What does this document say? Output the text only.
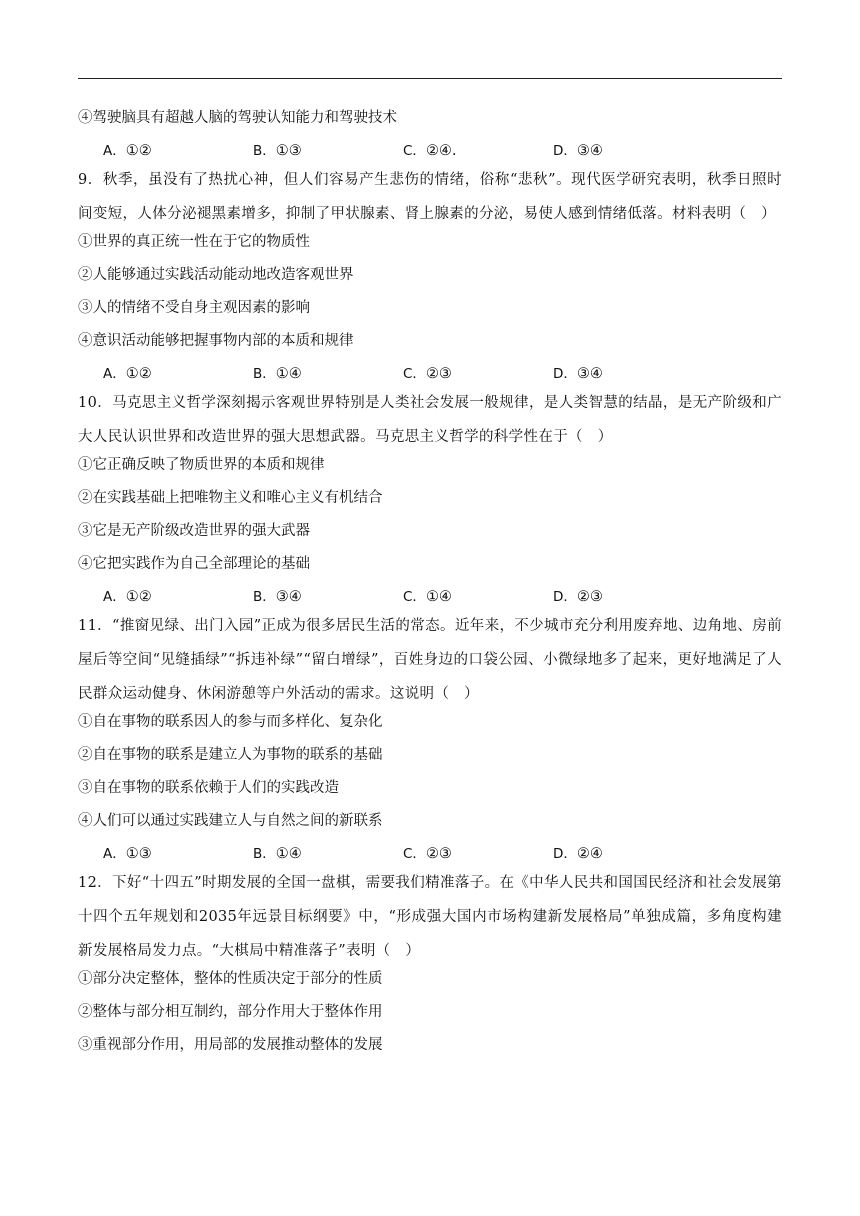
④驾驶脑具有超越人脑的驾驶认知能力和驾驶技术
A．①②	B．①③	C．②④.	D．③④
9．秋季，虽没有了热扰心神，但人们容易产生悲伤的情绪，俗称“悲秋”。现代医学研究表明，秋季日照时间变短，人体分泌褪黑素增多，抑制了甲状腺素、肾上腺素的分泌，易使人感到情绪低落。材料表明（　）
①世界的真正统一性在于它的物质性
②人能够通过实践活动能动地改造客观世界
③人的情绪不受自身主观因素的影响
④意识活动能够把握事物内部的本质和规律
A．①②	B．①④	C．②③	D．③④
10．马克思主义哲学深刻揭示客观世界特别是人类社会发展一般规律，是人类智慧的结晶，是无产阶级和广大人民认识世界和改造世界的强大思想武器。马克思主义哲学的科学性在于（　）
①它正确反映了物质世界的本质和规律
②在实践基础上把唯物主义和唯心主义有机结合
③它是无产阶级改造世界的强大武器
④它把实践作为自己全部理论的基础
A．①②	B．③④	C．①④	D．②③
11．“推窗见绿、出门入园”正成为很多居民生活的常态。近年来，不少城市充分利用废弃地、边角地、房前屋后等空间“见缝插绿”“拆违补绿”“留白增绿”，百姓身边的口袋公园、小微绿地多了起来，更好地满足了人民群众运动健身、休闲游憩等户外活动的需求。这说明（　）
①自在事物的联系因人的参与而多样化、复杂化
②自在事物的联系是建立人为事物的联系的基础
③自在事物的联系依赖于人们的实践改造
④人们可以通过实践建立人与自然之间的新联系
A．①③	B．①④	C．②③	D．②④
12．下好“十四五”时期发展的全国一盘棋，需要我们精准落子。在《中华人民共和国国民经济和社会发展第十四个五年规划和2035年远景目标纲要》中，“形成强大国内市场构建新发展格局”单独成篇，多角度构建新发展格局发力点。“大棋局中精准落子”表明（　）
①部分决定整体，整体的性质决定于部分的性质
②整体与部分相互制约，部分作用大于整体作用
③重视部分作用，用局部的发展推动整体的发展
